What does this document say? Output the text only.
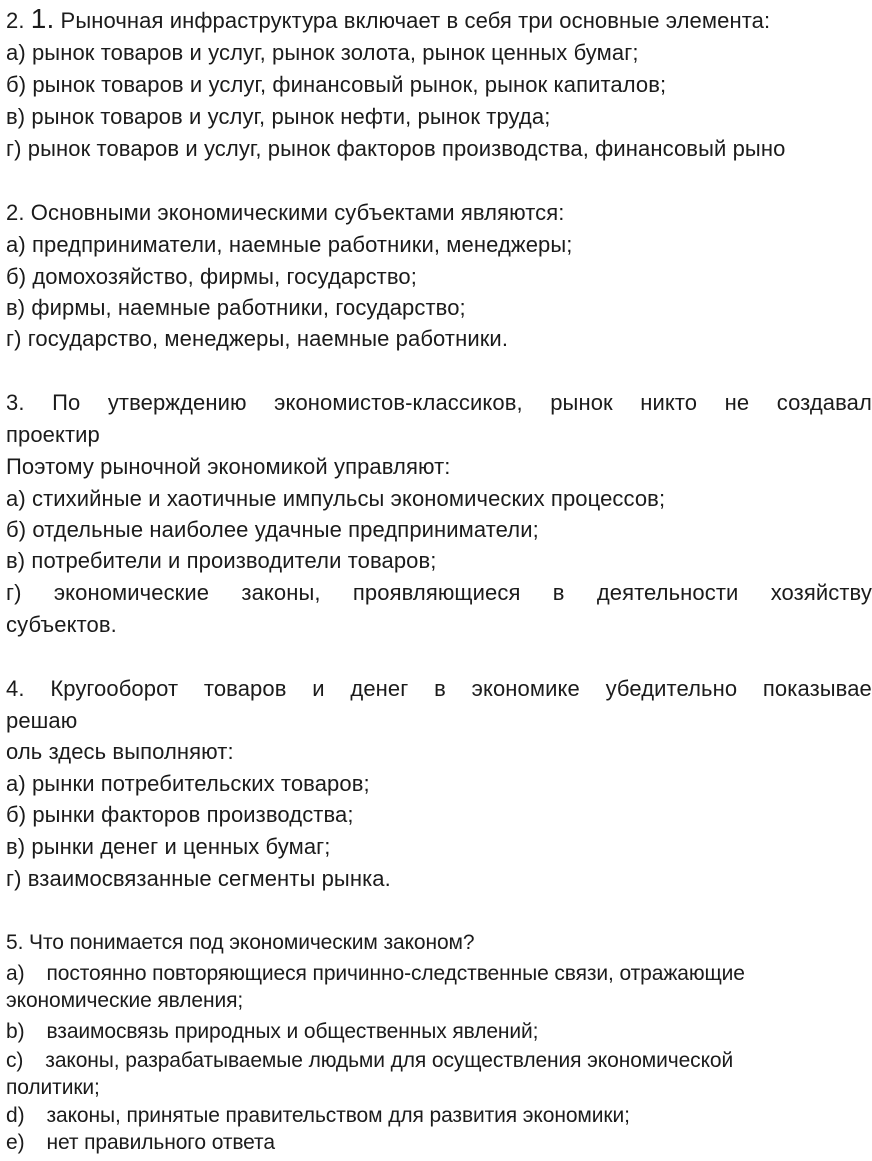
2. 1. Рыночная инфраструктура включает в себя три основные элемента:
а) рынок товаров и услуг, рынок золота, рынок ценных бумаг;
б) рынок товаров и услуг, финансовый рынок, рынок капиталов;
в) рынок товаров и услуг, рынок нефти, рынок труда;
г) рынок товаров и услуг, рынок факторов производства, финансовый рыно
2. Основными экономическими субъектами являются:
а) предприниматели, наемные работники, менеджеры;
б) домохозяйство, фирмы, государство;
в) фирмы, наемные работники, государство;
г) государство, менеджеры, наемные работники.
3. По утверждению экономистов-классиков, рынок никто не создавал
проектир
Поэтому рыночной экономикой управляют:
а) стихийные и хаотичные импульсы экономических процессов;
б) отдельные наиболее удачные предприниматели;
в) потребители и производители товаров;
г) экономические законы, проявляющиеся в деятельности хозяйству
субъектов.
4. Кругооборот товаров и денег в экономике убедительно показывае
решаю
оль здесь выполняют:
а) рынки потребительских товаров;
б) рынки факторов производства;
в) рынки денег и ценных бумаг;
г) взаимосвязанные сегменты рынка.
5. Что понимается под экономическим законом?
a) постоянно повторяющиеся причинно-следственные связи, отражающие
экономические явления;
b) взаимосвязь природных и общественных явлений;
c) законы, разрабатываемые людьми для осуществления экономической
политики;
d) законы, принятые правительством для развития экономики;
e) нет правильного ответа
